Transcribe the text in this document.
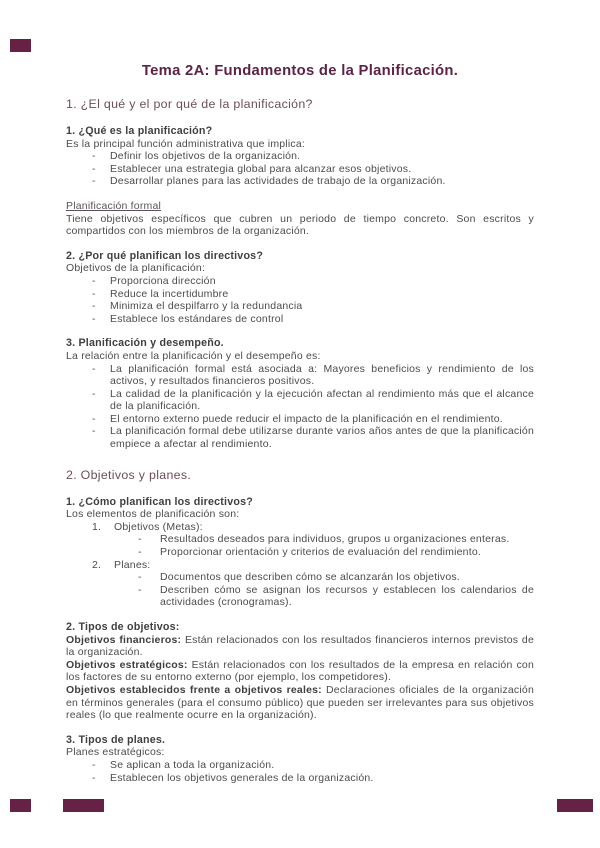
Tema 2A: Fundamentos de la Planificación.
1. ¿El qué y el por qué de la planificación?
1. ¿Qué es la planificación?
Es la principal función administrativa que implica:
-	Definir los objetivos de la organización.
-	Establecer una estrategia global para alcanzar esos objetivos.
-	Desarrollar planes para las actividades de trabajo de la organización.
Planificación formal
Tiene objetivos específicos que cubren un periodo de tiempo concreto. Son escritos y compartidos con los miembros de la organización.
2. ¿Por qué planifican los directivos?
Objetivos de la planificación:
-	Proporciona dirección
-	Reduce la incertidumbre
-	Minimiza el despilfarro y la redundancia
-	Establece los estándares de control
3. Planificación y desempeño.
La relación entre la planificación y el desempeño es:
-	La planificación formal está asociada a: Mayores beneficios y rendimiento de los activos, y resultados financieros positivos.
-	La calidad de la planificación y la ejecución afectan al rendimiento más que el alcance de la planificación.
-	El entorno externo puede reducir el impacto de la planificación en el rendimiento.
-	La planificación formal debe utilizarse durante varios años antes de que la planificación empiece a afectar al rendimiento.
2. Objetivos y planes.
1. ¿Cómo planifican los directivos?
Los elementos de planificación son:
1.	Objetivos (Metas):
-	Resultados deseados para individuos, grupos u organizaciones enteras.
-	Proporcionar orientación y criterios de evaluación del rendimiento.
2.	Planes:
-	Documentos que describen cómo se alcanzarán los objetivos.
-	Describen cómo se asignan los recursos y establecen los calendarios de actividades (cronogramas).
2. Tipos de objetivos:

Objetivos financieros: Están relacionados con los resultados financieros internos previstos de la organización.

Objetivos estratégicos: Están relacionados con los resultados de la empresa en relación con los factores de su entorno externo (por ejemplo, los competidores).

Objetivos establecidos frente a objetivos reales: Declaraciones oficiales de la organización en términos generales (para el consumo público) que pueden ser irrelevantes para sus objetivos reales (lo que realmente ocurre en la organización).

3. Tipos de planes.
Planes estratégicos:
-	Se aplican a toda la organización.
-	Establecen los objetivos generales de la organización.
